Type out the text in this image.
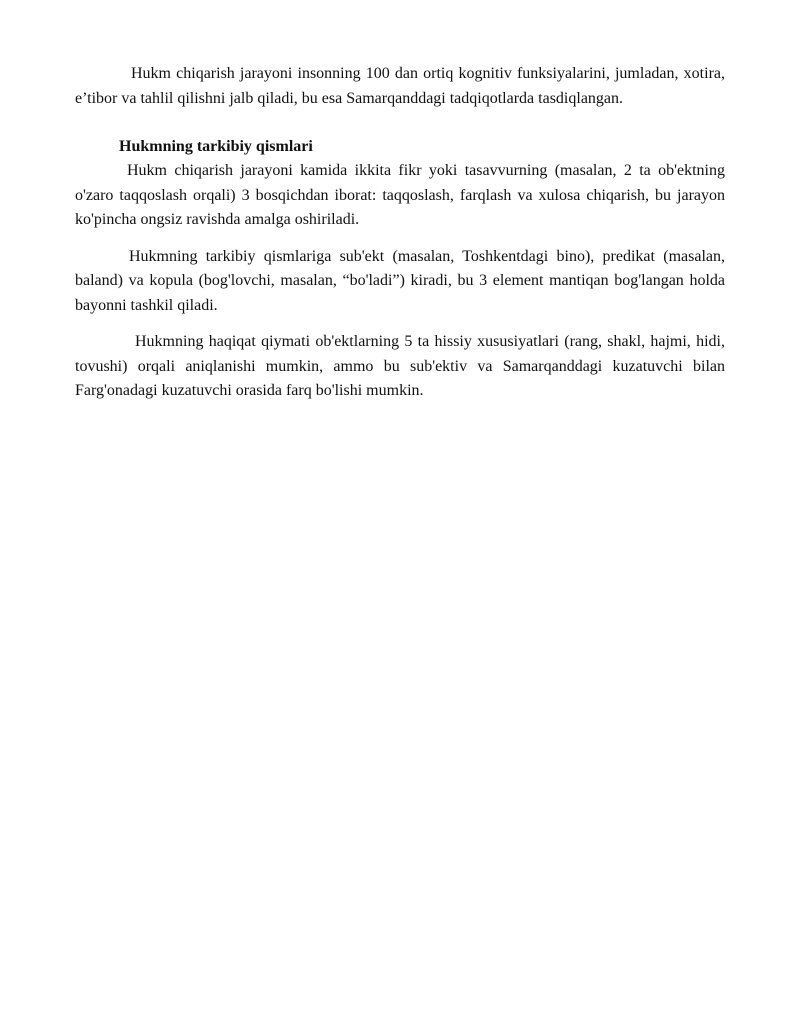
Hukm chiqarish jarayoni insonning 100 dan ortiq kognitiv funksiyalarini, jumladan, xotira, e’tibor va tahlil qilishni jalb qiladi, bu esa Samarqanddagi tadqiqotlarda tasdiqlangan.

Hukmning tarkibiy qismlari

Hukm chiqarish jarayoni kamida ikkita fikr yoki tasavvurning (masalan, 2 ta ob'ektning o'zaro taqqoslash orqali) 3 bosqichdan iborat: taqqoslash, farqlash va xulosa chiqarish, bu jarayon ko'pincha ongsiz ravishda amalga oshiriladi.

Hukmning tarkibiy qismlariga sub'ekt (masalan, Toshkentdagi bino), predikat (masalan, baland) va kopula (bog'lovchi, masalan, “bo'ladi”) kiradi, bu 3 element mantiqan bog'langan holda bayonni tashkil qiladi.

Hukmning haqiqat qiymati ob'ektlarning 5 ta hissiy xususiyatlari (rang, shakl, hajmi, hidi, tovushi) orqali aniqlanishi mumkin, ammo bu sub'ektiv va Samarqanddagi kuzatuvchi bilan Farg'onadagi kuzatuvchi orasida farq bo'lishi mumkin.
